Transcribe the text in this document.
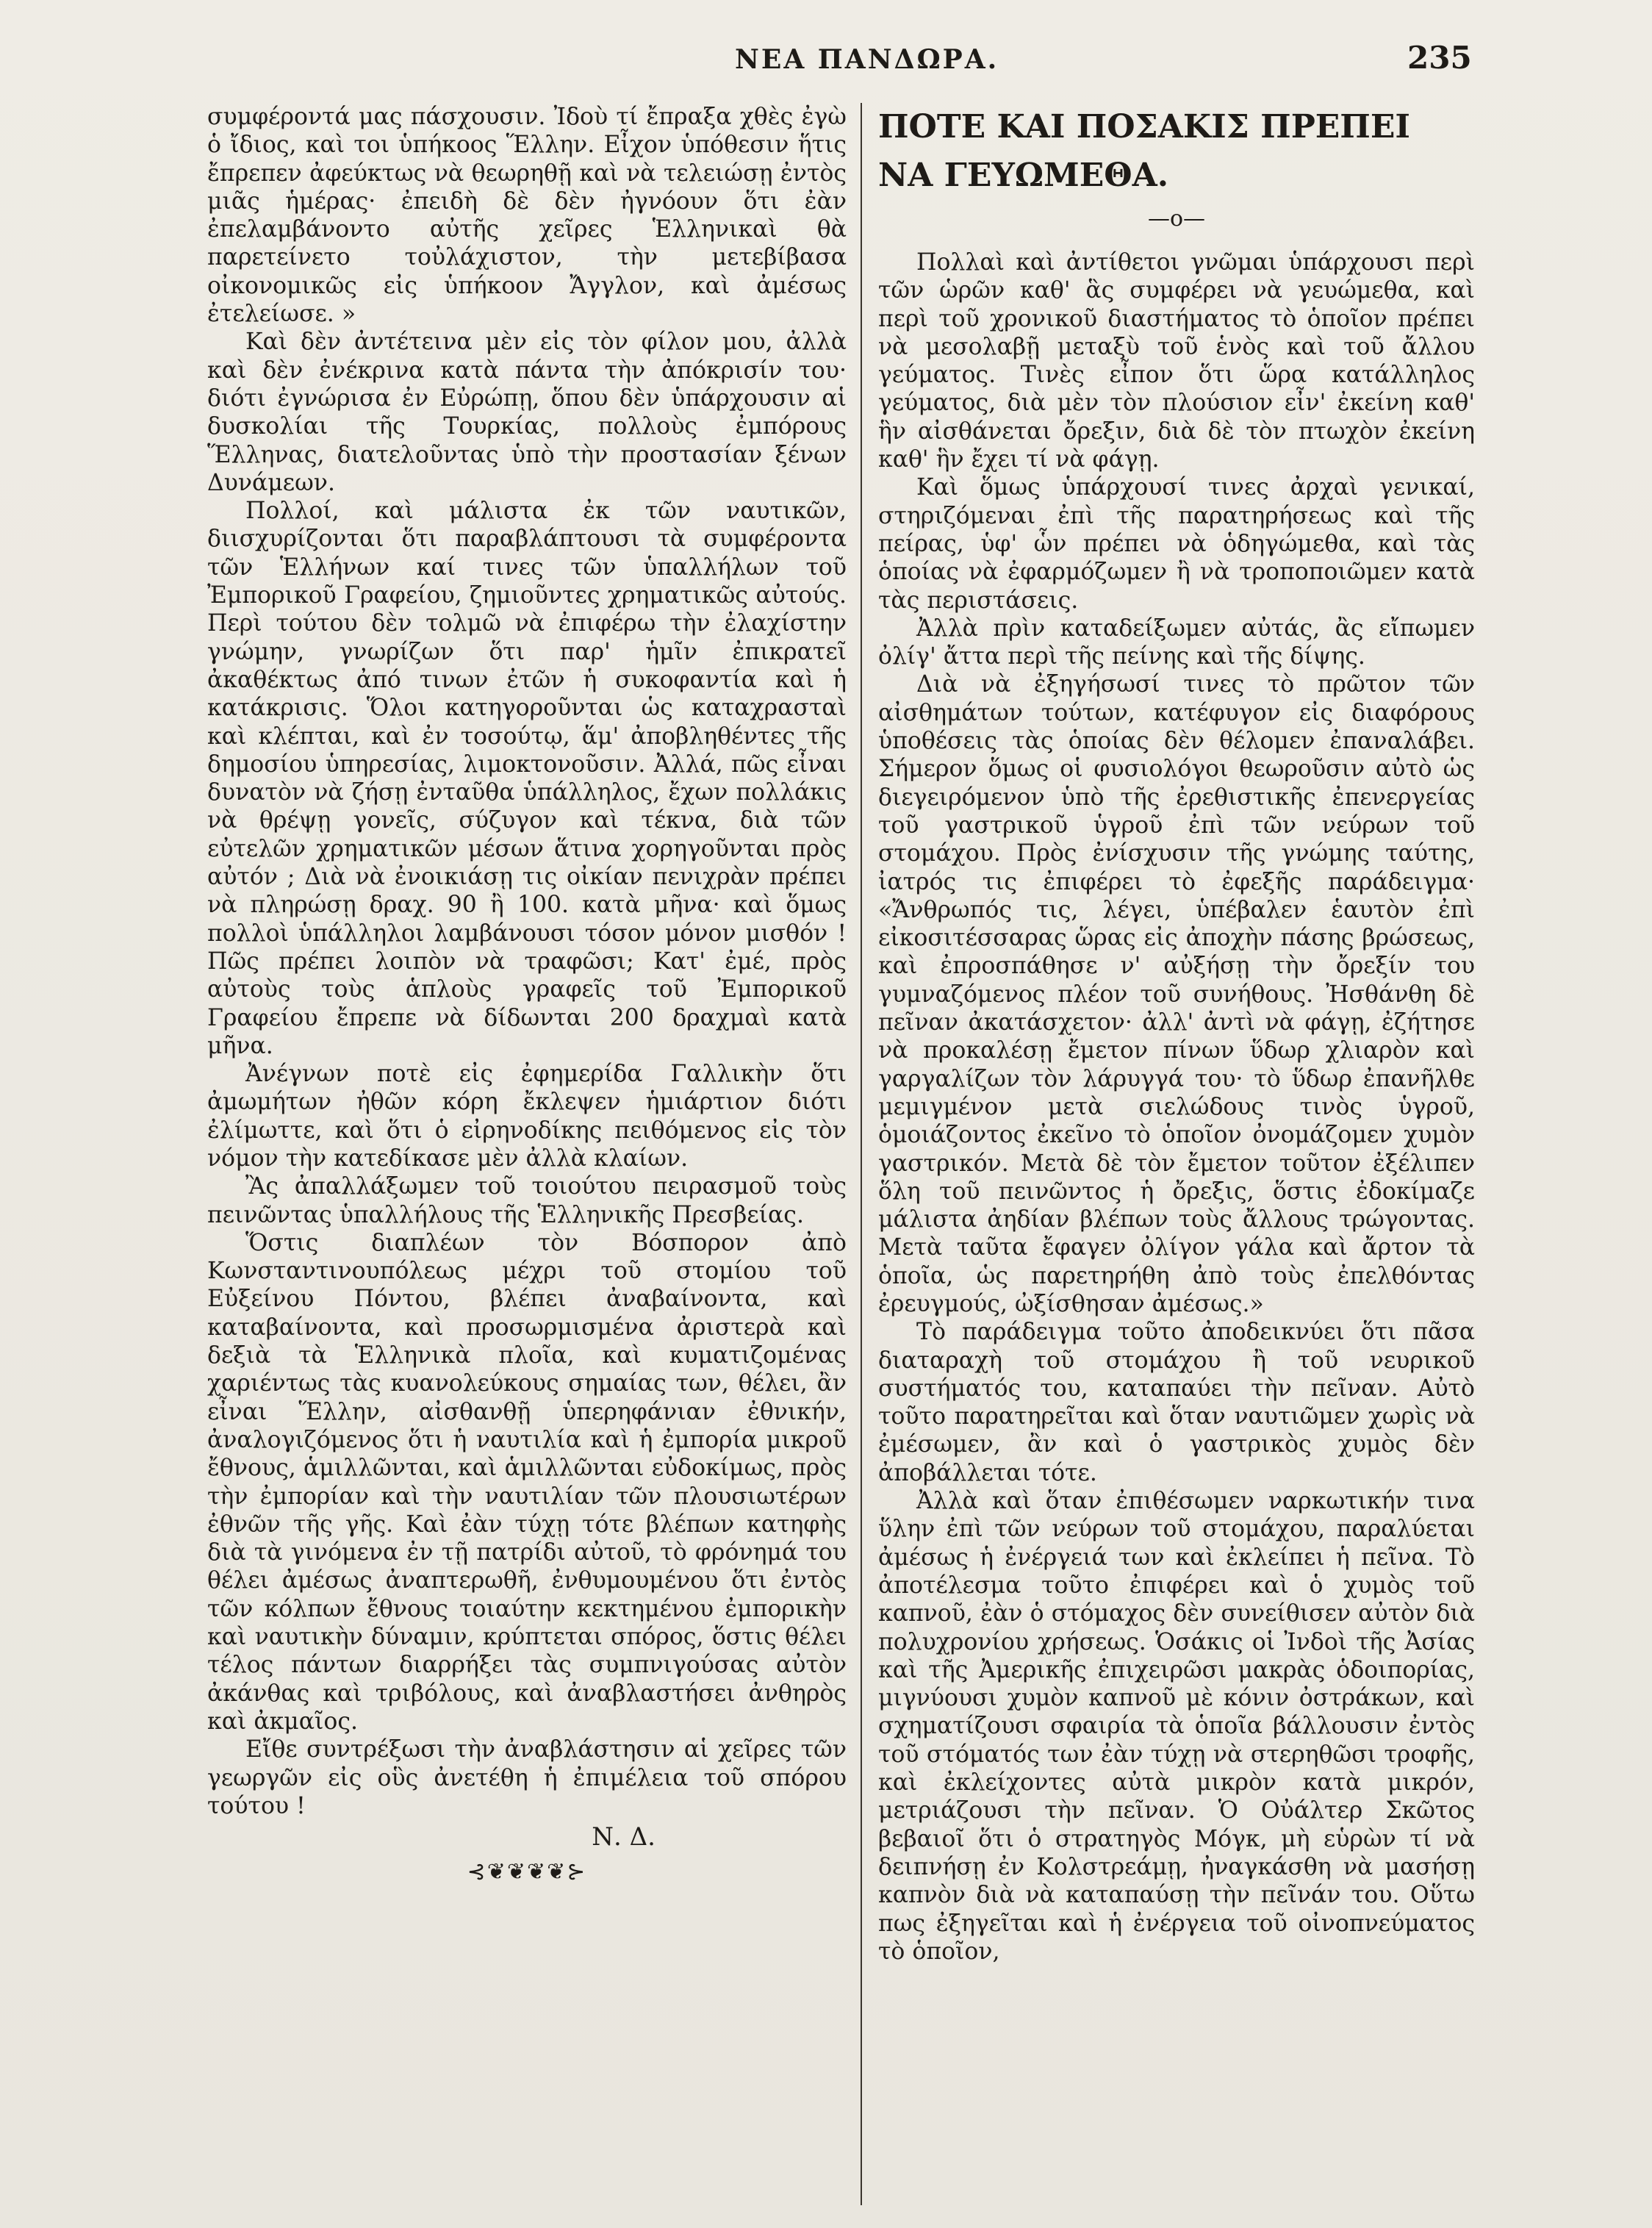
ΝΕΑ ΠΑΝΔΩΡΑ.	235

συμφέροντά μας πάσχουσιν. Ἰδοὺ τί ἔπραξα χθὲς ἐγὼ ὁ ἴδιος, καὶ τοι ὑπήκοος Ἕλλην. Εἶχον ὑπόθεσιν ἥτις ἔπρεπεν ἀφεύκτως νὰ θεωρηθῇ καὶ νὰ τελειώσῃ ἐντὸς μιᾶς ἡμέρας· ἐπειδὴ δὲ δὲν ἠγνόουν ὅτι ἐὰν ἐπελαμβάνοντο αὐτῆς χεῖρες Ἑλληνικαὶ θὰ παρετείνετο τοὐλάχιστον, τὴν μετεβίβασα οἰκονομικῶς εἰς ὑπήκοον Ἄγγλον, καὶ ἀμέσως ἐτελείωσε. »

Καὶ δὲν ἀντέτεινα μὲν εἰς τὸν φίλον μου, ἀλλὰ καὶ δὲν ἐνέκρινα κατὰ πάντα τὴν ἀπόκρισίν του· διότι ἐγνώρισα ἐν Εὐρώπῃ, ὅπου δὲν ὑπάρχουσιν αἱ δυσκολίαι τῆς Τουρκίας, πολλοὺς ἐμπόρους Ἕλληνας, διατελοῦντας ὑπὸ τὴν προστασίαν ξένων Δυνάμεων.

Πολλοί, καὶ μάλιστα ἐκ τῶν ναυτικῶν, διισχυρίζονται ὅτι παραβλάπτουσι τὰ συμφέροντα τῶν Ἑλλήνων καί τινες τῶν ὑπαλλήλων τοῦ Ἐμπορικοῦ Γραφείου, ζημιοῦντες χρηματικῶς αὐτούς. Περὶ τούτου δὲν τολμῶ νὰ ἐπιφέρω τὴν ἐλαχίστην γνώμην, γνωρίζων ὅτι παρ' ἡμῖν ἐπικρατεῖ ἀκαθέκτως ἀπό τινων ἐτῶν ἡ συκοφαντία καὶ ἡ κατάκρισις. Ὅλοι κατηγοροῦνται ὡς καταχρασταὶ καὶ κλέπται, καὶ ἐν τοσούτῳ, ἅμ' ἀποβληθέντες τῆς δημοσίου ὑπηρεσίας, λιμοκτονοῦσιν. Ἀλλά, πῶς εἶναι δυνατὸν νὰ ζήσῃ ἐνταῦθα ὑπάλληλος, ἔχων πολλάκις νὰ θρέψῃ γονεῖς, σύζυγον καὶ τέκνα, διὰ τῶν εὐτελῶν χρηματικῶν μέσων ἅτινα χορηγοῦνται πρὸς αὐτόν ; Διὰ νὰ ἐνοικιάσῃ τις οἰκίαν πενιχρὰν πρέπει νὰ πληρώσῃ δραχ. 90 ἢ 100. κατὰ μῆνα· καὶ ὅμως πολλοὶ ὑπάλληλοι λαμβάνουσι τόσον μόνον μισθόν ! Πῶς πρέπει λοιπὸν νὰ τραφῶσι; Κατ' ἐμέ, πρὸς αὐτοὺς τοὺς ἁπλοὺς γραφεῖς τοῦ Ἐμπορικοῦ Γραφείου ἔπρεπε νὰ δίδωνται 200 δραχμαὶ κατὰ μῆνα.

Ἀνέγνων ποτὲ εἰς ἐφημερίδα Γαλλικὴν ὅτι ἀμωμήτων ἠθῶν κόρη ἔκλεψεν ἡμιάρτιον διότι ἐλίμωττε, καὶ ὅτι ὁ εἰρηνοδίκης πειθόμενος εἰς τὸν νόμον τὴν κατεδίκασε μὲν ἀλλὰ κλαίων.

Ἂς ἀπαλλάξωμεν τοῦ τοιούτου πειρασμοῦ τοὺς πεινῶντας ὑπαλλήλους τῆς Ἑλληνικῆς Πρεσβείας.

Ὅστις διαπλέων τὸν Βόσπορον ἀπὸ Κωνσταντινουπόλεως μέχρι τοῦ στομίου τοῦ Εὐξείνου Πόντου, βλέπει ἀναβαίνοντα, καὶ καταβαίνοντα, καὶ προσωρμισμένα ἀριστερὰ καὶ δεξιὰ τὰ Ἑλληνικὰ πλοῖα, καὶ κυματιζομένας χαριέντως τὰς κυανολεύκους σημαίας των, θέλει, ἂν εἶναι Ἕλλην, αἰσθανθῇ ὑπερηφάνιαν ἐθνικήν, ἀναλογιζόμενος ὅτι ἡ ναυτιλία καὶ ἡ ἐμπορία μικροῦ ἔθνους, ἁμιλλῶνται, καὶ ἁμιλλῶνται εὐδοκίμως, πρὸς τὴν ἐμπορίαν καὶ τὴν ναυτιλίαν τῶν πλουσιωτέρων ἐθνῶν τῆς γῆς. Καὶ ἐὰν τύχῃ τότε βλέπων κατηφὴς διὰ τὰ γινόμενα ἐν τῇ πατρίδι αὐτοῦ, τὸ φρόνημά του θέλει ἀμέσως ἀναπτερωθῆ, ἐνθυμουμένου ὅτι ἐντὸς τῶν κόλπων ἔθνους τοιαύτην κεκτημένου ἐμπορικὴν καὶ ναυτικὴν δύναμιν, κρύπτεται σπόρος, ὅστις θέλει τέλος πάντων διαρρήξει τὰς συμπνιγούσας αὐτὸν ἀκάνθας καὶ τριβόλους, καὶ ἀναβλαστήσει ἀνθηρὸς καὶ ἀκμαῖος.

Εἴθε συντρέξωσι τὴν ἀναβλάστησιν αἱ χεῖρες τῶν γεωργῶν εἰς οὓς ἀνετέθη ἡ ἐπιμέλεια τοῦ σπόρου τούτου !

Ν. Δ.
⊰❦❦❦❦⊱

ΠΟΤΕ ΚΑΙ ΠΟΣΑΚΙΣ ΠΡΕΠΕΙ

ΝΑ ΓΕΥΩΜΕΘΑ.

—o—

Πολλαὶ καὶ ἀντίθετοι γνῶμαι ὑπάρχουσι περὶ τῶν ὡρῶν καθ' ἃς συμφέρει νὰ γευώμεθα, καὶ περὶ τοῦ χρονικοῦ διαστήματος τὸ ὁποῖον πρέπει νὰ μεσολαβῇ μεταξὺ τοῦ ἑνὸς καὶ τοῦ ἄλλου γεύματος. Τινὲς εἶπον ὅτι ὥρα κατάλληλος γεύματος, διὰ μὲν τὸν πλούσιον εἶν' ἐκείνη καθ' ἣν αἰσθάνεται ὄρεξιν, διὰ δὲ τὸν πτωχὸν ἐκείνη καθ' ἣν ἔχει τί νὰ φάγῃ.

Καὶ ὅμως ὑπάρχουσί τινες ἀρχαὶ γενικαί, στηριζόμεναι ἐπὶ τῆς παρατηρήσεως καὶ τῆς πείρας, ὑφ' ὧν πρέπει νὰ ὁδηγώμεθα, καὶ τὰς ὁποίας νὰ ἐφαρμόζωμεν ἢ νὰ τροποποιῶμεν κατὰ τὰς περιστάσεις.

Ἀλλὰ πρὶν καταδείξωμεν αὐτάς, ἂς εἴπωμεν ὀλίγ' ἄττα περὶ τῆς πείνης καὶ τῆς δίψης.

Διὰ νὰ ἐξηγήσωσί τινες τὸ πρῶτον τῶν αἰσθημάτων τούτων, κατέφυγον εἰς διαφόρους ὑποθέσεις τὰς ὁποίας δὲν θέλομεν ἐπαναλάβει. Σήμερον ὅμως οἱ φυσιολόγοι θεωροῦσιν αὐτὸ ὡς διεγειρόμενον ὑπὸ τῆς ἐρεθιστικῆς ἐπενεργείας τοῦ γαστρικοῦ ὑγροῦ ἐπὶ τῶν νεύρων τοῦ στομάχου. Πρὸς ἐνίσχυσιν τῆς γνώμης ταύτης, ἰατρός τις ἐπιφέρει τὸ ἐφεξῆς παράδειγμα· «Ἄνθρωπός τις, λέγει, ὑπέβαλεν ἑαυτὸν ἐπὶ εἰκοσιτέσσαρας ὥρας εἰς ἀποχὴν πάσης βρώσεως, καὶ ἐπροσπάθησε ν' αὐξήσῃ τὴν ὄρεξίν του γυμναζόμενος πλέον τοῦ συνήθους. Ἠσθάνθη δὲ πεῖναν ἀκατάσχετον· ἀλλ' ἀντὶ νὰ φάγῃ, ἐζήτησε νὰ προκαλέσῃ ἔμετον πίνων ὕδωρ χλιαρὸν καὶ γαργαλίζων τὸν λάρυγγά του· τὸ ὕδωρ ἐπανῆλθε μεμιγμένον μετὰ σιελώδους τινὸς ὑγροῦ, ὁμοιάζοντος ἐκεῖνο τὸ ὁποῖον ὀνομάζομεν χυμὸν γαστρικόν. Μετὰ δὲ τὸν ἔμετον τοῦτον ἐξέλιπεν ὅλη τοῦ πεινῶντος ἡ ὄρεξις, ὅστις ἐδοκίμαζε μάλιστα ἀηδίαν βλέπων τοὺς ἄλλους τρώγοντας. Μετὰ ταῦτα ἔφαγεν ὀλίγον γάλα καὶ ἄρτον τὰ ὁποῖα, ὡς παρετηρήθη ἀπὸ τοὺς ἐπελθόντας ἐρευγμούς, ὠξίσθησαν ἀμέσως.»

Τὸ παράδειγμα τοῦτο ἀποδεικνύει ὅτι πᾶσα διαταραχὴ τοῦ στομάχου ἢ τοῦ νευρικοῦ συστήματός του, καταπαύει τὴν πεῖναν. Αὐτὸ τοῦτο παρατηρεῖται καὶ ὅταν ναυτιῶμεν χωρὶς νὰ ἐμέσωμεν, ἂν καὶ ὁ γαστρικὸς χυμὸς δὲν ἀποβάλλεται τότε.

Ἀλλὰ καὶ ὅταν ἐπιθέσωμεν ναρκωτικήν τινα ὕλην ἐπὶ τῶν νεύρων τοῦ στομάχου, παραλύεται ἀμέσως ἡ ἐνέργειά των καὶ ἐκλείπει ἡ πεῖνα. Τὸ ἀποτέλεσμα τοῦτο ἐπιφέρει καὶ ὁ χυμὸς τοῦ καπνοῦ, ἐὰν ὁ στόμαχος δὲν συνείθισεν αὐτὸν διὰ πολυχρονίου χρήσεως. Ὁσάκις οἱ Ἰνδοὶ τῆς Ἀσίας καὶ τῆς Ἀμερικῆς ἐπιχειρῶσι μακρὰς ὁδοιπορίας, μιγνύουσι χυμὸν καπνοῦ μὲ κόνιν ὀστράκων, καὶ σχηματίζουσι σφαιρία τὰ ὁποῖα βάλλουσιν ἐντὸς τοῦ στόματός των ἐὰν τύχῃ νὰ στερηθῶσι τροφῆς, καὶ ἐκλείχοντες αὐτὰ μικρὸν κατὰ μικρόν, μετριάζουσι τὴν πεῖναν. Ὁ Οὐάλτερ Σκῶτος βεβαιοῖ ὅτι ὁ στρατηγὸς Μόγκ, μὴ εὑρὼν τί νὰ δειπνήσῃ ἐν Κολστρεάμῃ, ἠναγκάσθη νὰ μασήσῃ καπνὸν διὰ νὰ καταπαύσῃ τὴν πεῖνάν του. Οὕτω πως ἐξηγεῖται καὶ ἡ ἐνέργεια τοῦ οἰνοπνεύματος τὸ ὁποῖον,
